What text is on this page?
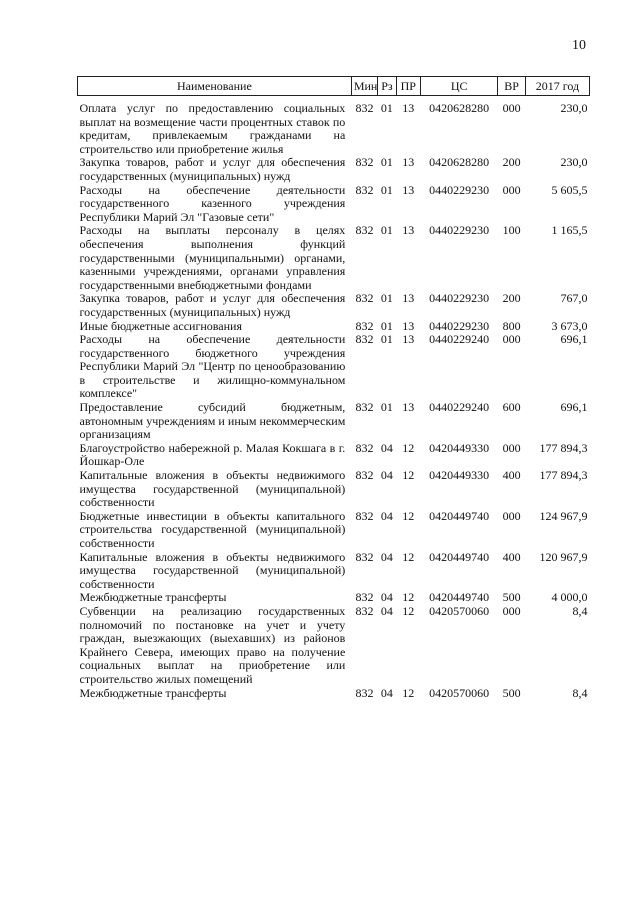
10
Наименование	Мин	Рз	ПР	ЦС	ВР	2017 год

Оплата услуг по предоставлению социальных выплат на возмещение части процентных ставок по кредитам, привлекаемым гражданами на строительство или приобретение жилья	832	01	13	0420628280	000	230,0
Закупка товаров, работ и услуг для обеспечения государственных (муниципальных) нужд	832	01	13	0420628280	200	230,0
Расходы на обеспечение деятельности государственного казенного учреждения Республики Марий Эл "Газовые сети"	832	01	13	0440229230	000	5 605,5
Расходы на выплаты персоналу в целях обеспечения выполнения функций государственными (муниципальными) органами, казенными учреждениями, органами управления государственными внебюджетными фондами	832	01	13	0440229230	100	1 165,5
Закупка товаров, работ и услуг для обеспечения государственных (муниципальных) нужд	832	01	13	0440229230	200	767,0
Иные бюджетные ассигнования	832	01	13	0440229230	800	3 673,0
Расходы на обеспечение деятельности государственного бюджетного учреждения Республики Марий Эл "Центр по ценообразованию в строительстве и жилищно-коммунальном комплексе"	832	01	13	0440229240	000	696,1
Предоставление субсидий бюджетным, автономным учреждениям и иным некоммерческим организациям	832	01	13	0440229240	600	696,1
Благоустройство набережной р. Малая Кокшага в г. Йошкар-Оле	832	04	12	0420449330	000	177 894,3
Капитальные вложения в объекты недвижимого имущества государственной (муниципальной) собственности	832	04	12	0420449330	400	177 894,3
Бюджетные инвестиции в объекты капитального строительства государственной (муниципальной) собственности	832	04	12	0420449740	000	124 967,9
Капитальные вложения в объекты недвижимого имущества государственной (муниципальной) собственности	832	04	12	0420449740	400	120 967,9
Межбюджетные трансферты	832	04	12	0420449740	500	4 000,0
Субвенции на реализацию государственных полномочий по постановке на учет и учету граждан, выезжающих (выехавших) из районов Крайнего Севера, имеющих право на получение социальных выплат на приобретение или строительство жилых помещений	832	04	12	0420570060	000	8,4
Межбюджетные трансферты	832	04	12	0420570060	500	8,4
